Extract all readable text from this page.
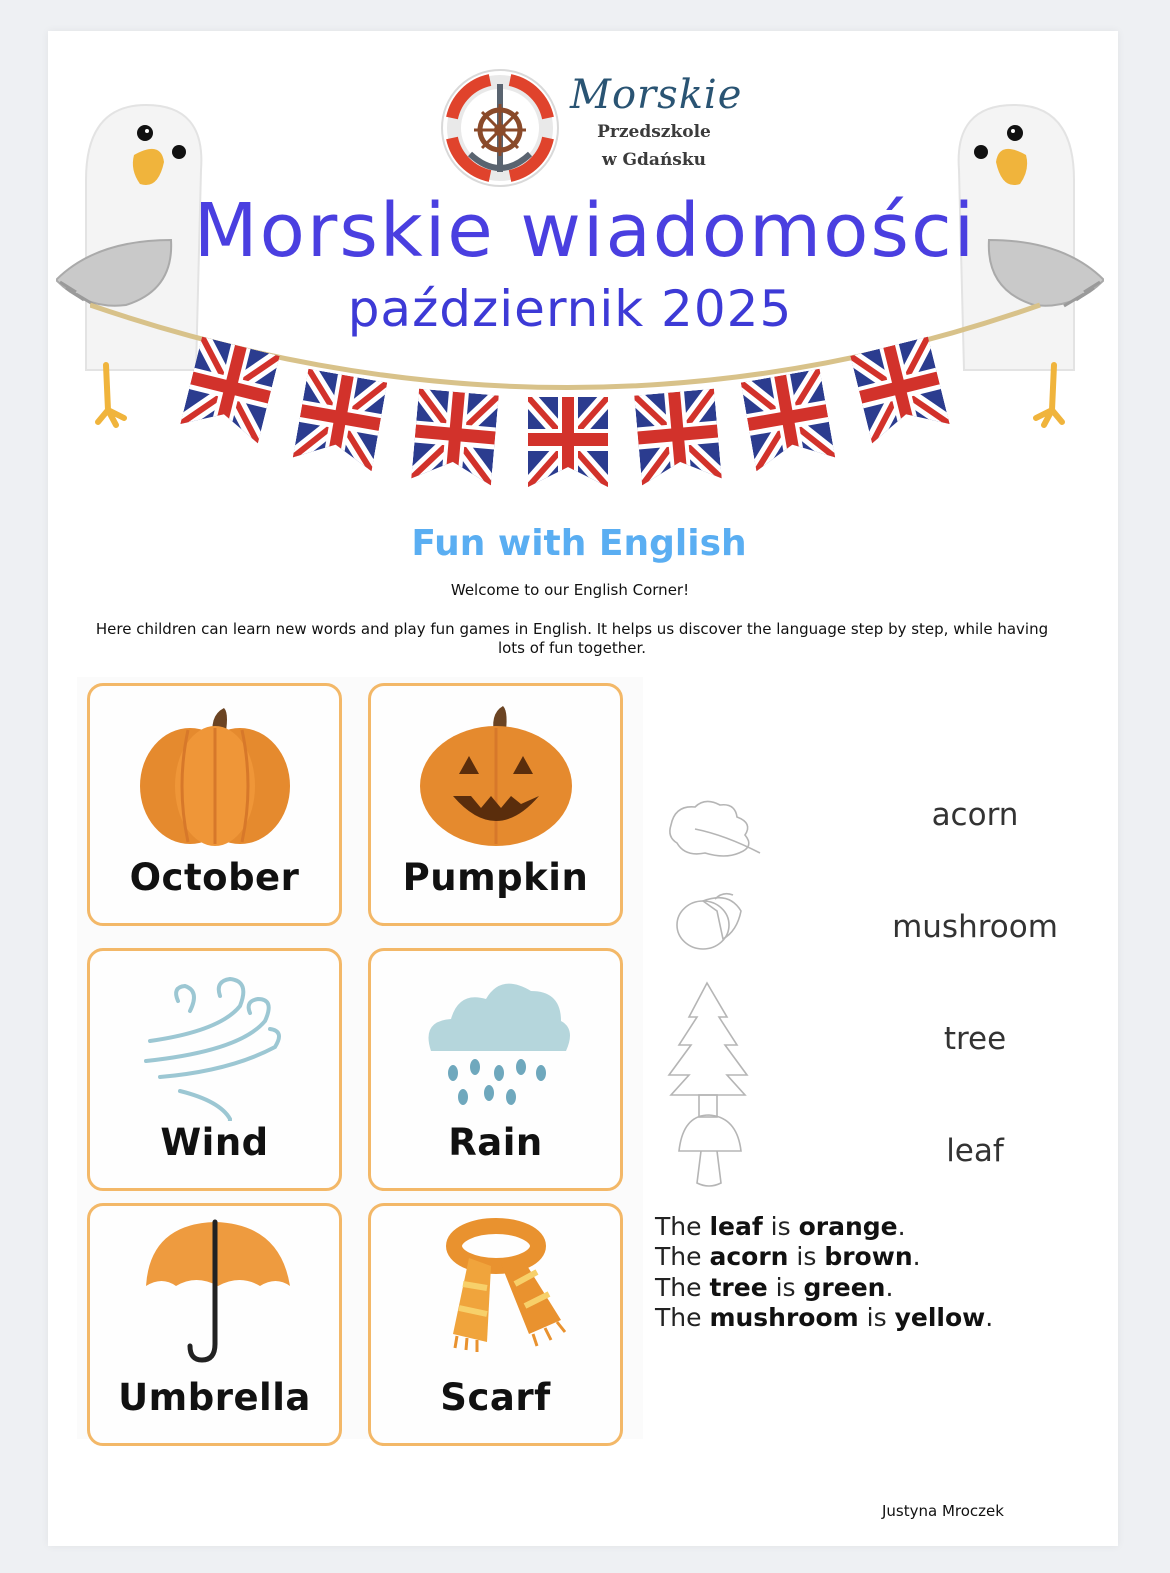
Morskie
Przedszkole
w Gdańsku
Morskie wiadomości
październik 2025
Fun with English
Welcome to our English Corner!
Here children can learn new words and play fun games in English. It helps us discover the language step by step, while having lots of fun together.
October	Pumpkin
Wind	Rain
Umbrella	Scarf
acorn
mushroom
tree
leaf
The leaf is orange.
The acorn is brown.
The tree is green.
The mushroom is yellow.
Justyna Mroczek
